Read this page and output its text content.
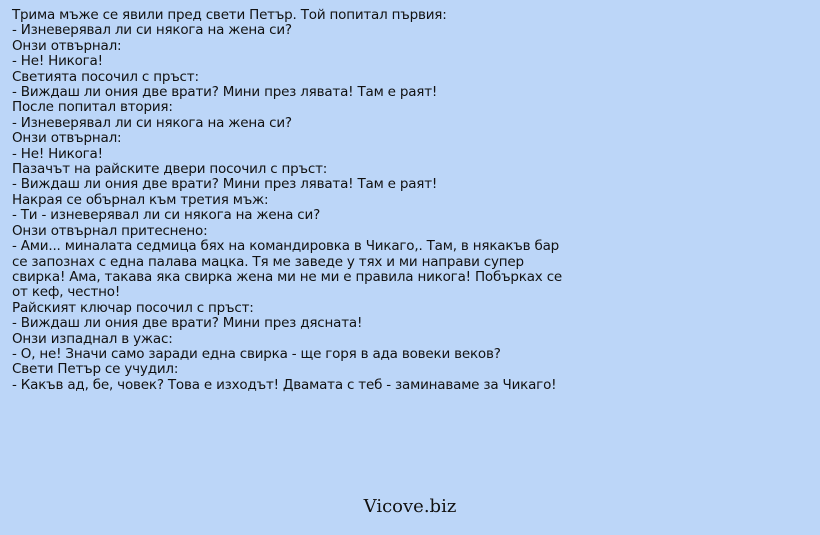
Трима мъже се явили пред свети Петър. Той попитал първия:
- Изневерявал ли си някога на жена си?
Онзи отвърнал:
- Не! Никога!
Светията посочил с пръст:
- Виждаш ли ония две врати? Мини през лявата! Там е раят!
После попитал втория:
- Изневерявал ли си някога на жена си?
Онзи отвърнал:
- Не! Никога!
Пазачът на райските двери посочил с пръст:
- Виждаш ли ония две врати? Мини през лявата! Там е раят!
Накрая се обърнал към третия мъж:
- Ти - изневерявал ли си някога на жена си?
Онзи отвърнал притеснено:
- Ами... миналата седмица бях на командировка в Чикаго,. Там, в някакъв бар
се запознах с една палава мацка. Тя ме заведе у тях и ми направи супер
свирка! Ама, такава яка свирка жена ми не ми е правила никога! Побърках се
от кеф, честно!
Райският ключар посочил с пръст:
- Виждаш ли ония две врати? Мини през дясната!
Онзи изпаднал в ужас:
- О, не! Значи само заради една свирка - ще горя в ада вовеки веков?
Свети Петър се учудил:
- Какъв ад, бе, човек? Това е изходът! Двамата с теб - заминаваме за Чикаго!
Vicove.biz
